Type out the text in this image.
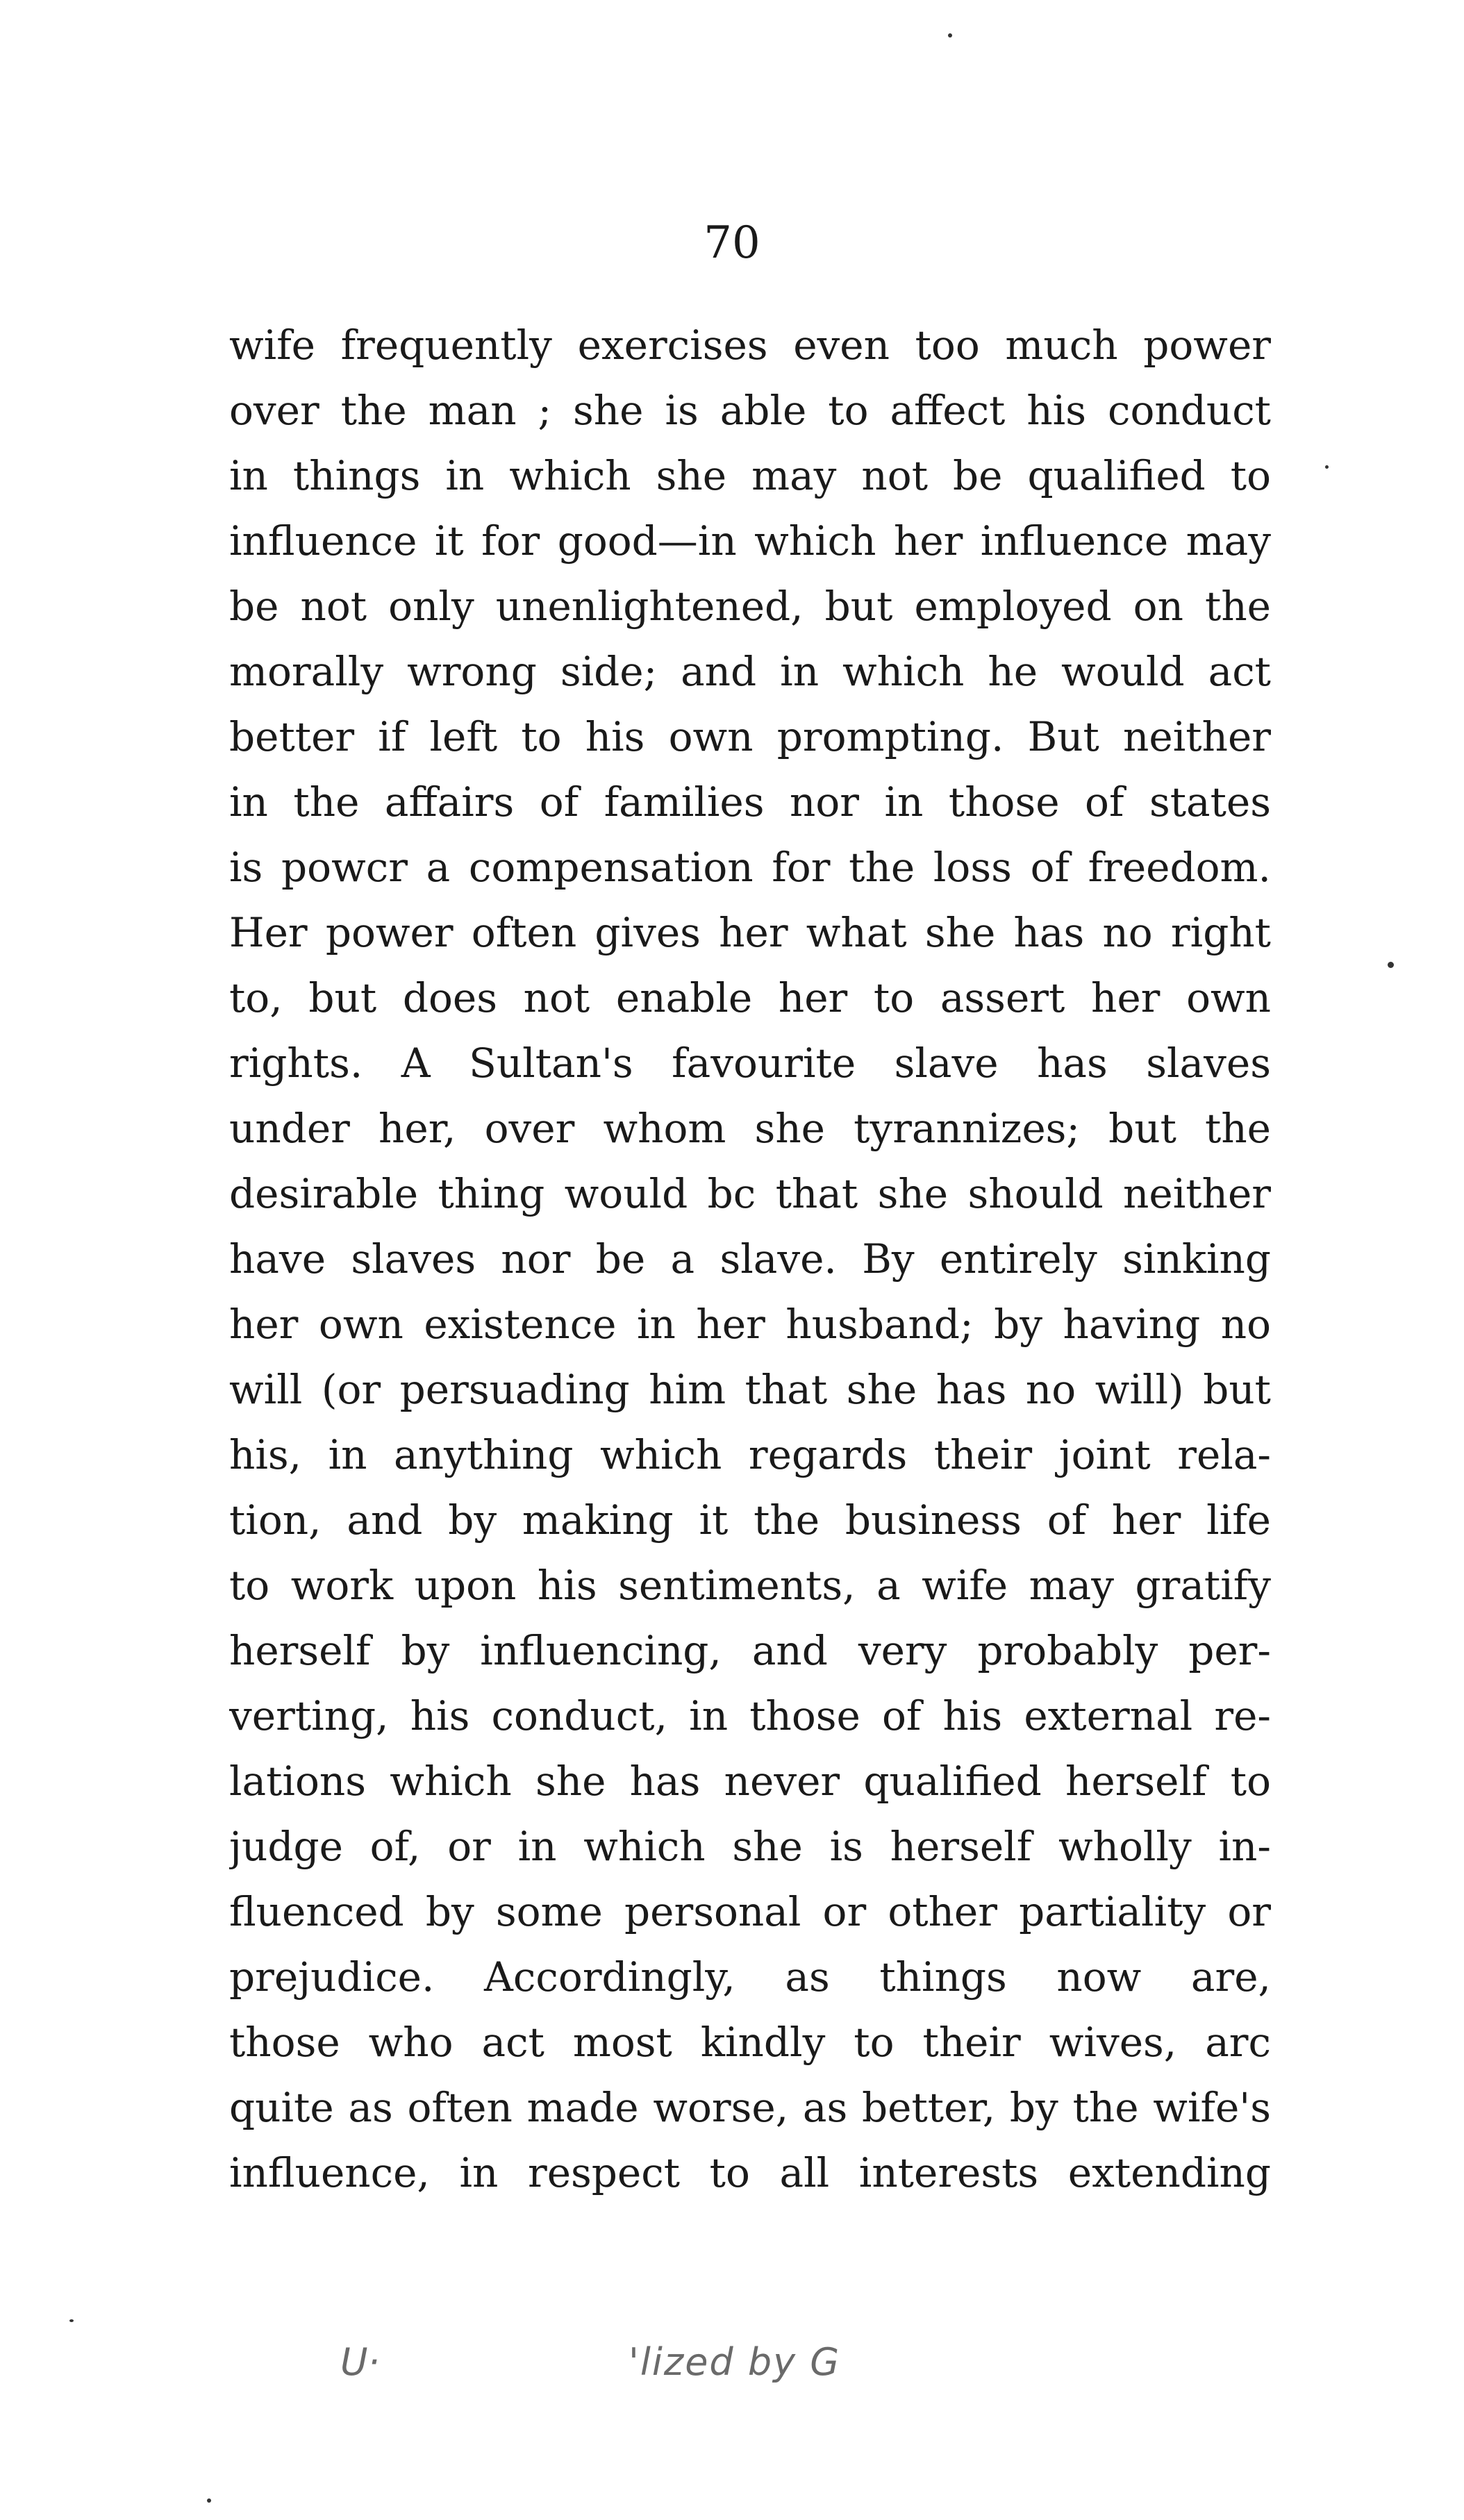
70
wife frequently exercises even too much power
over the man ; she is able to affect his conduct
in things in which she may not be qualified to
influence it for good—in which her influence may
be not only unenlightened, but employed on the
morally wrong side; and in which he would act
better if left to his own prompting. But neither
in the affairs of families nor in those of states
is powcr a compensation for the loss of freedom.
Her power often gives her what she has no right
to, but does not enable her to assert her own
rights. A Sultan's favourite slave has slaves
under her, over whom she tyrannizes; but the
desirable thing would bc that she should neither
have slaves nor be a slave. By entirely sinking
her own existence in her husband; by having no
will (or persuading him that she has no will) but
his, in anything which regards their joint rela-
tion, and by making it the business of her life
to work upon his sentiments, a wife may gratify
herself by influencing, and very probably per-
verting, his conduct, in those of his external re-
lations which she has never qualified herself to
judge of, or in which she is herself wholly in-
fluenced by some personal or other partiality or
prejudice. Accordingly, as things now are,
those who act most kindly to their wives, arc
quite as often made worse, as better, by the wife's
influence, in respect to all interests extending
U·	'lized by G
